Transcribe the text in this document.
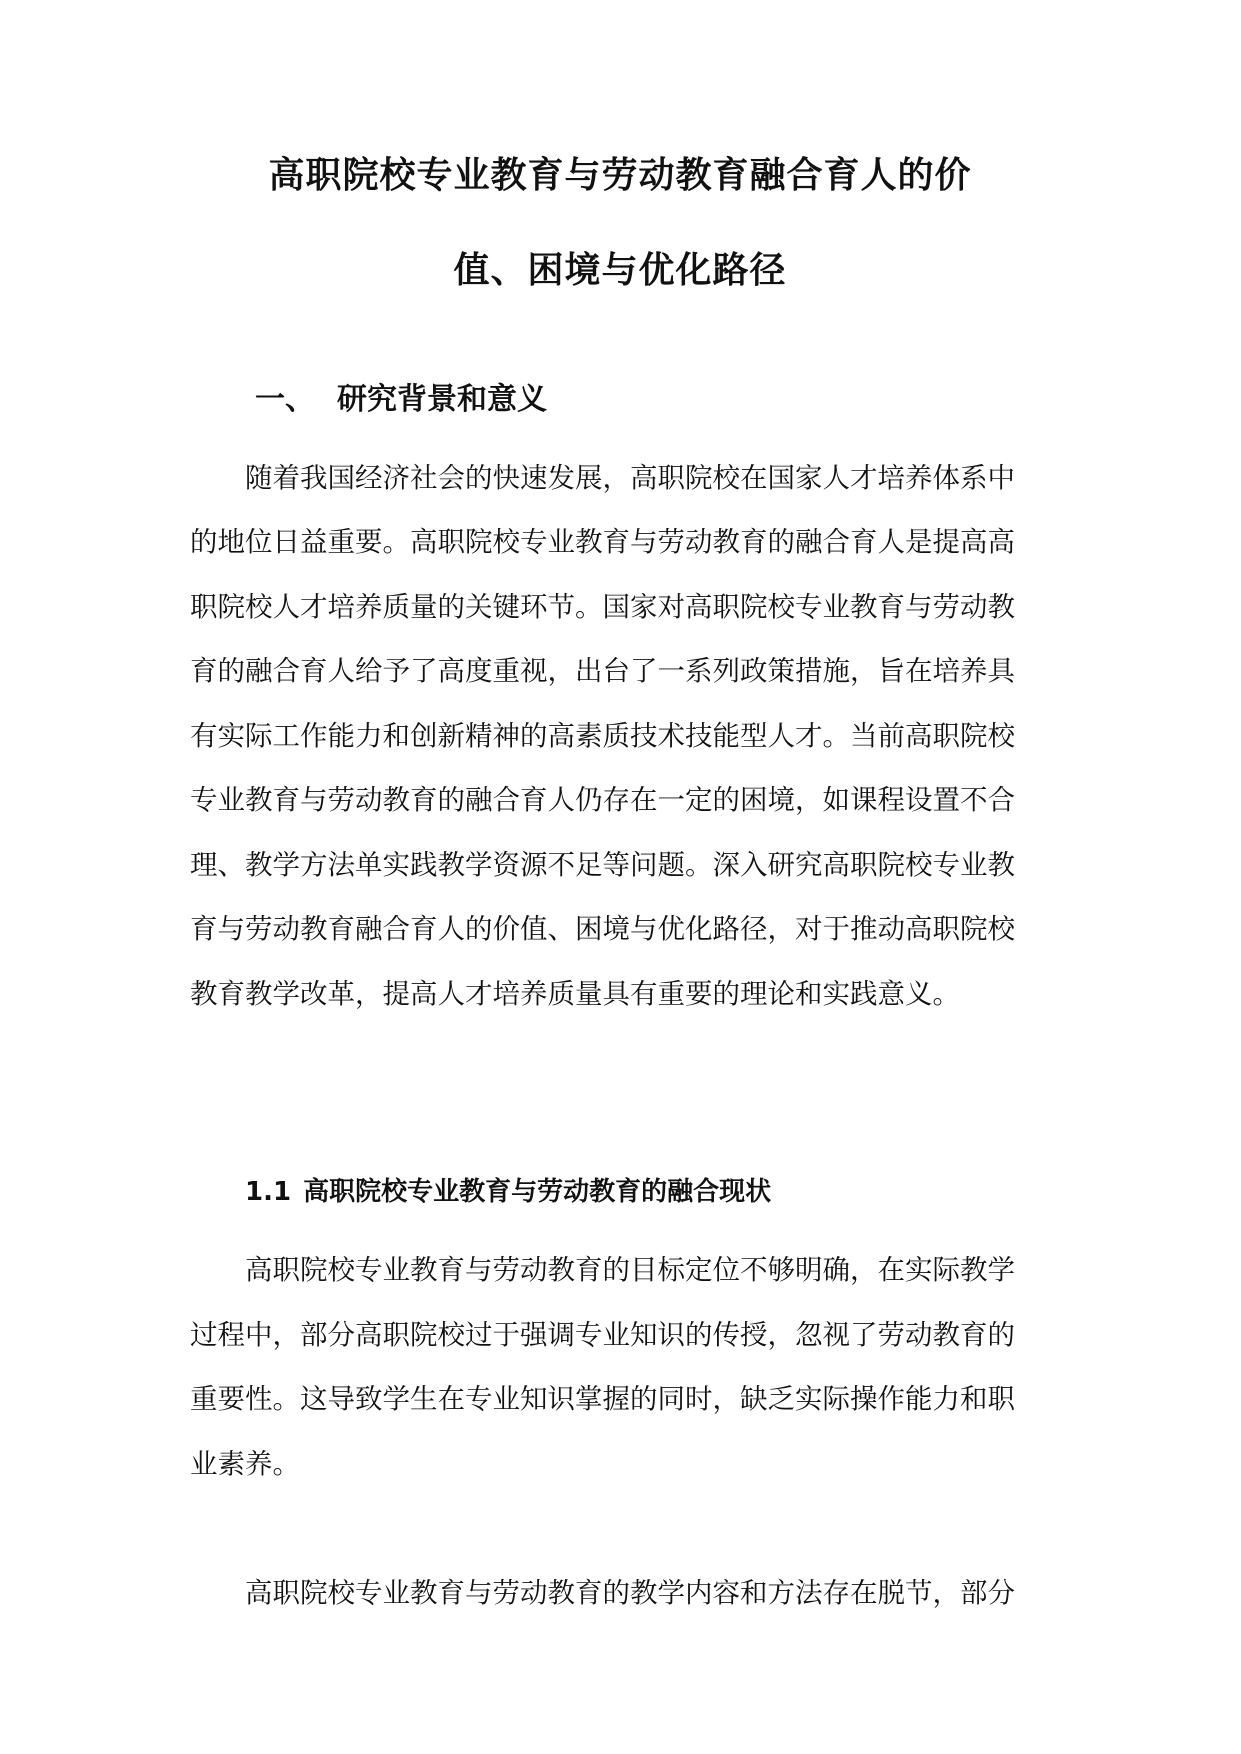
高职院校专业教育与劳动教育融合育人的价
值、困境与优化路径
一、 研究背景和意义
　　随着我国经济社会的快速发展，高职院校在国家人才培养体系中
的地位日益重要。高职院校专业教育与劳动教育的融合育人是提高高
职院校人才培养质量的关键环节。国家对高职院校专业教育与劳动教
育的融合育人给予了高度重视，出台了一系列政策措施，旨在培养具
有实际工作能力和创新精神的高素质技术技能型人才。当前高职院校
专业教育与劳动教育的融合育人仍存在一定的困境，如课程设置不合
理、教学方法单实践教学资源不足等问题。深入研究高职院校专业教
育与劳动教育融合育人的价值、困境与优化路径，对于推动高职院校
教育教学改革，提高人才培养质量具有重要的理论和实践意义。
1.1 高职院校专业教育与劳动教育的融合现状
　　高职院校专业教育与劳动教育的目标定位不够明确，在实际教学
过程中，部分高职院校过于强调专业知识的传授，忽视了劳动教育的
重要性。这导致学生在专业知识掌握的同时，缺乏实际操作能力和职
业素养。
　　高职院校专业教育与劳动教育的教学内容和方法存在脱节，部分
